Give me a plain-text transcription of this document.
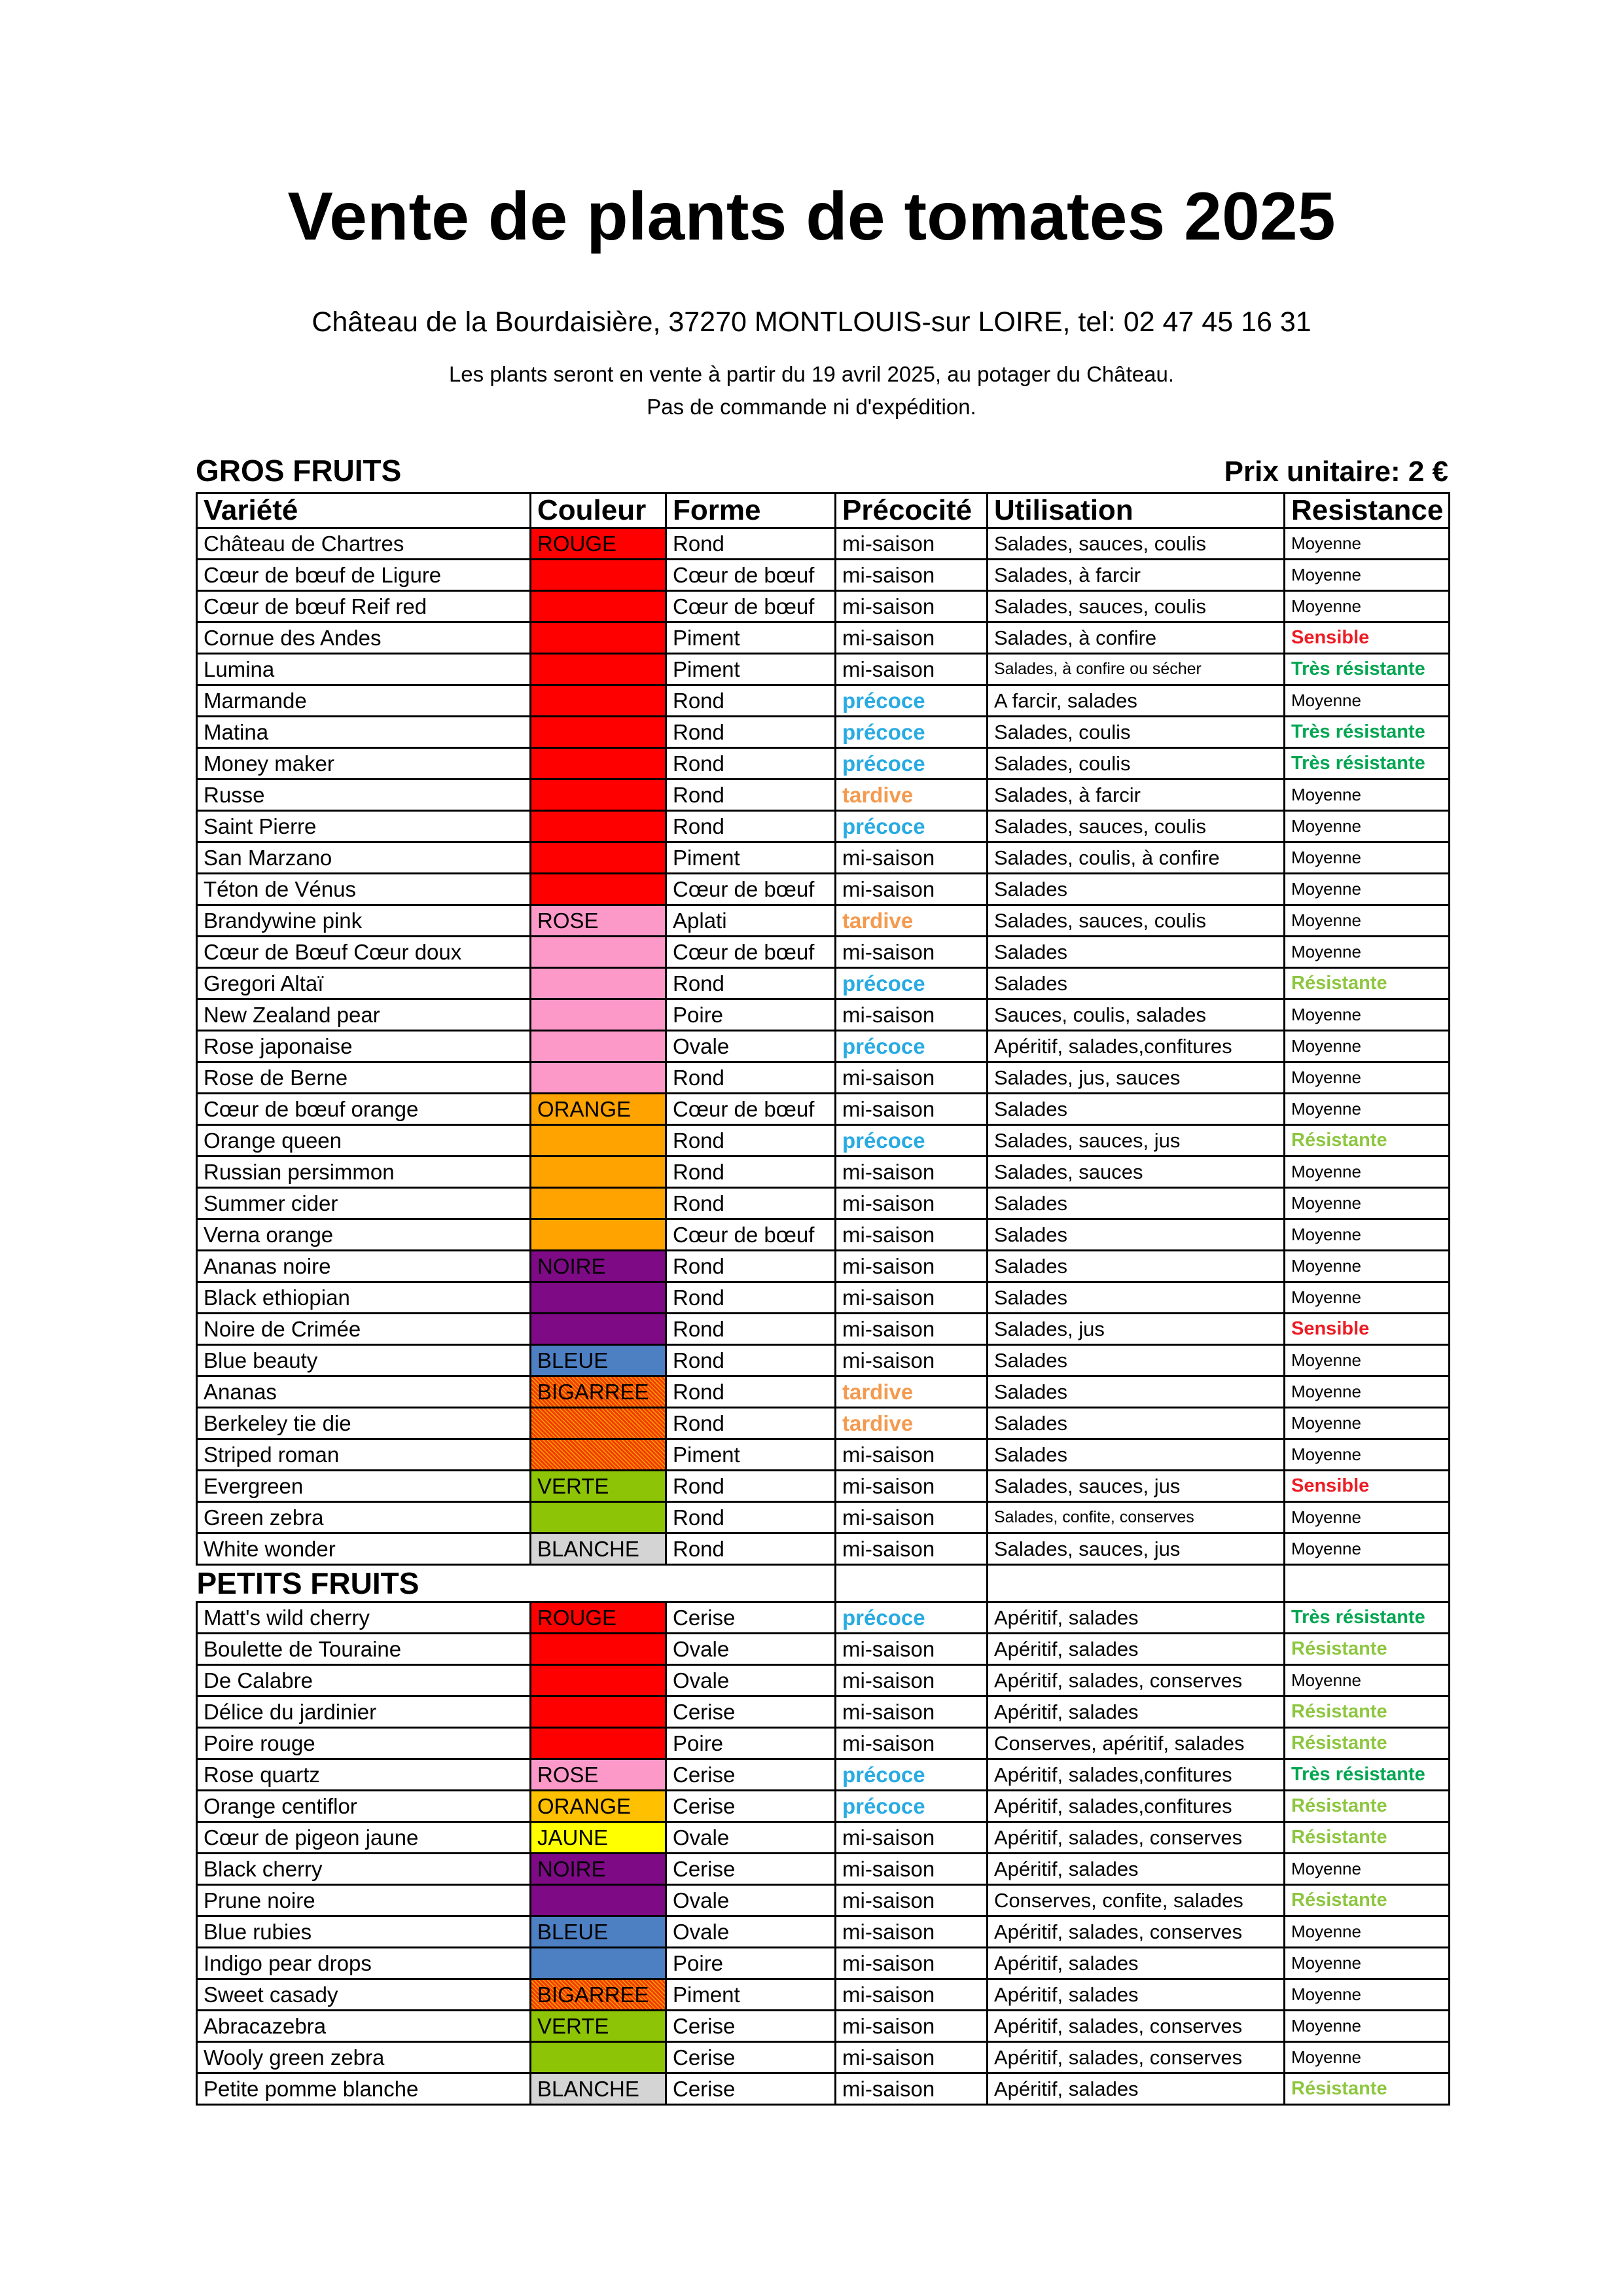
Vente de plants de tomates 2025
Château de la Bourdaisière, 37270 MONTLOUIS-sur LOIRE, tel: 02 47 45 16 31
Les plants seront en vente à partir du 19 avril 2025, au potager du Château.
Pas de commande ni d'expédition.
GROS FRUITS	Prix unitaire: 2 €
Variété	Couleur	Forme	Précocité	Utilisation	Resistance
Château de Chartres	ROUGE	Rond	mi-saison	Salades, sauces, coulis	Moyenne
Cœur de bœuf de Ligure		Cœur de bœuf	mi-saison	Salades, à farcir	Moyenne
Cœur de bœuf Reif red		Cœur de bœuf	mi-saison	Salades, sauces, coulis	Moyenne
Cornue des Andes		Piment	mi-saison	Salades, à confire	Sensible
Lumina		Piment	mi-saison	Salades, à confire ou sécher	Très résistante
Marmande		Rond	précoce	A farcir, salades	Moyenne
Matina		Rond	précoce	Salades, coulis	Très résistante
Money maker		Rond	précoce	Salades, coulis	Très résistante
Russe		Rond	tardive	Salades, à farcir	Moyenne
Saint Pierre		Rond	précoce	Salades, sauces, coulis	Moyenne
San Marzano		Piment	mi-saison	Salades, coulis, à confire	Moyenne
Téton de Vénus		Cœur de bœuf	mi-saison	Salades	Moyenne
Brandywine pink	ROSE	Aplati	tardive	Salades, sauces, coulis	Moyenne
Cœur de Bœuf Cœur doux		Cœur de bœuf	mi-saison	Salades	Moyenne
Gregori Altaï		Rond	précoce	Salades	Résistante
New Zealand pear		Poire	mi-saison	Sauces, coulis, salades	Moyenne
Rose japonaise		Ovale	précoce	Apéritif, salades,confitures	Moyenne
Rose de Berne		Rond	mi-saison	Salades, jus, sauces	Moyenne
Cœur de bœuf orange	ORANGE	Cœur de bœuf	mi-saison	Salades	Moyenne
Orange queen		Rond	précoce	Salades, sauces, jus	Résistante
Russian persimmon		Rond	mi-saison	Salades, sauces	Moyenne
Summer cider		Rond	mi-saison	Salades	Moyenne
Verna orange		Cœur de bœuf	mi-saison	Salades	Moyenne
Ananas noire	NOIRE	Rond	mi-saison	Salades	Moyenne
Black ethiopian		Rond	mi-saison	Salades	Moyenne
Noire de Crimée		Rond	mi-saison	Salades, jus	Sensible
Blue beauty	BLEUE	Rond	mi-saison	Salades	Moyenne
Ananas	BIGARREE	Rond	tardive	Salades	Moyenne
Berkeley tie die		Rond	tardive	Salades	Moyenne
Striped roman		Piment	mi-saison	Salades	Moyenne
Evergreen	VERTE	Rond	mi-saison	Salades, sauces, jus	Sensible
Green zebra		Rond	mi-saison	Salades, confite, conserves	Moyenne
White wonder	BLANCHE	Rond	mi-saison	Salades, sauces, jus	Moyenne
PETITS FRUITS					
Matt's wild cherry	ROUGE	Cerise	précoce	Apéritif, salades	Très résistante
Boulette de Touraine		Ovale	mi-saison	Apéritif, salades	Résistante
De Calabre		Ovale	mi-saison	Apéritif, salades, conserves	Moyenne
Délice du jardinier		Cerise	mi-saison	Apéritif, salades	Résistante
Poire rouge		Poire	mi-saison	Conserves, apéritif, salades	Résistante
Rose quartz	ROSE	Cerise	précoce	Apéritif, salades,confitures	Très résistante
Orange centiflor	ORANGE	Cerise	précoce	Apéritif, salades,confitures	Résistante
Cœur de pigeon jaune	JAUNE	Ovale	mi-saison	Apéritif, salades, conserves	Résistante
Black cherry	NOIRE	Cerise	mi-saison	Apéritif, salades	Moyenne
Prune noire		Ovale	mi-saison	Conserves, confite, salades	Résistante
Blue rubies	BLEUE	Ovale	mi-saison	Apéritif, salades, conserves	Moyenne
Indigo pear drops		Poire	mi-saison	Apéritif, salades	Moyenne
Sweet casady	BIGARREE	Piment	mi-saison	Apéritif, salades	Moyenne
Abracazebra	VERTE	Cerise	mi-saison	Apéritif, salades, conserves	Moyenne
Wooly green zebra		Cerise	mi-saison	Apéritif, salades, conserves	Moyenne
Petite pomme blanche	BLANCHE	Cerise	mi-saison	Apéritif, salades	Résistante
